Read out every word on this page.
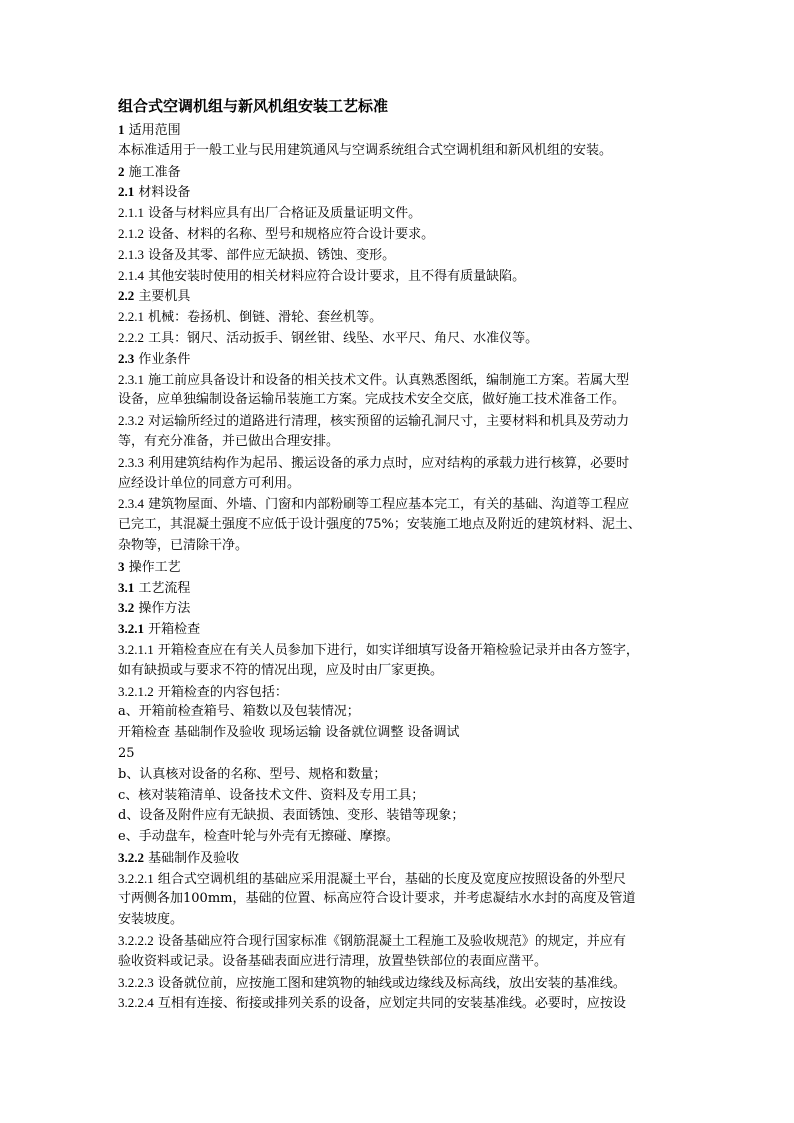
组合式空调机组与新风机组安装工艺标准
1 适用范围
本标准适用于一般工业与民用建筑通风与空调系统组合式空调机组和新风机组的安装。
2 施工准备
2.1 材料设备
2.1.1 设备与材料应具有出厂合格证及质量证明文件。
2.1.2 设备、材料的名称、型号和规格应符合设计要求。
2.1.3 设备及其零、部件应无缺损、锈蚀、变形。
2.1.4 其他安装时使用的相关材料应符合设计要求，且不得有质量缺陷。
2.2 主要机具
2.2.1 机械：卷扬机、倒链、滑轮、套丝机等。
2.2.2 工具：钢尺、活动扳手、钢丝钳、线坠、水平尺、角尺、水准仪等。
2.3 作业条件
2.3.1 施工前应具备设计和设备的相关技术文件。认真熟悉图纸，编制施工方案。若属大型
设备，应单独编制设备运输吊装施工方案。完成技术安全交底，做好施工技术准备工作。
2.3.2 对运输所经过的道路进行清理，核实预留的运输孔洞尺寸，主要材料和机具及劳动力
等，有充分准备，并已做出合理安排。
2.3.3 利用建筑结构作为起吊、搬运设备的承力点时，应对结构的承载力进行核算，必要时
应经设计单位的同意方可利用。
2.3.4 建筑物屋面、外墙、门窗和内部粉刷等工程应基本完工，有关的基础、沟道等工程应
已完工，其混凝土强度不应低于设计强度的75%；安装施工地点及附近的建筑材料、泥土、
杂物等，已清除干净。
3 操作工艺
3.1 工艺流程
3.2 操作方法
3.2.1 开箱检查
3.2.1.1 开箱检查应在有关人员参加下进行，如实详细填写设备开箱检验记录并由各方签字，
如有缺损或与要求不符的情况出现，应及时由厂家更换。
3.2.1.2 开箱检查的内容包括：
a、开箱前检查箱号、箱数以及包装情况；
开箱检查 基础制作及验收 现场运输 设备就位调整 设备调试
25
b、认真核对设备的名称、型号、规格和数量；
c、核对装箱清单、设备技术文件、资料及专用工具；
d、设备及附件应有无缺损、表面锈蚀、变形、装错等现象；
e、手动盘车，检查叶轮与外壳有无擦碰、摩擦。
3.2.2 基础制作及验收
3.2.2.1 组合式空调机组的基础应采用混凝土平台，基础的长度及宽度应按照设备的外型尺
寸两侧各加100mm，基础的位置、标高应符合设计要求，并考虑凝结水水封的高度及管道
安装坡度。
3.2.2.2 设备基础应符合现行国家标准《钢筋混凝土工程施工及验收规范》的规定，并应有
验收资料或记录。设备基础表面应进行清理，放置垫铁部位的表面应凿平。
3.2.2.3 设备就位前，应按施工图和建筑物的轴线或边缘线及标高线，放出安装的基准线。
3.2.2.4 互相有连接、衔接或排列关系的设备，应划定共同的安装基准线。必要时，应按设
